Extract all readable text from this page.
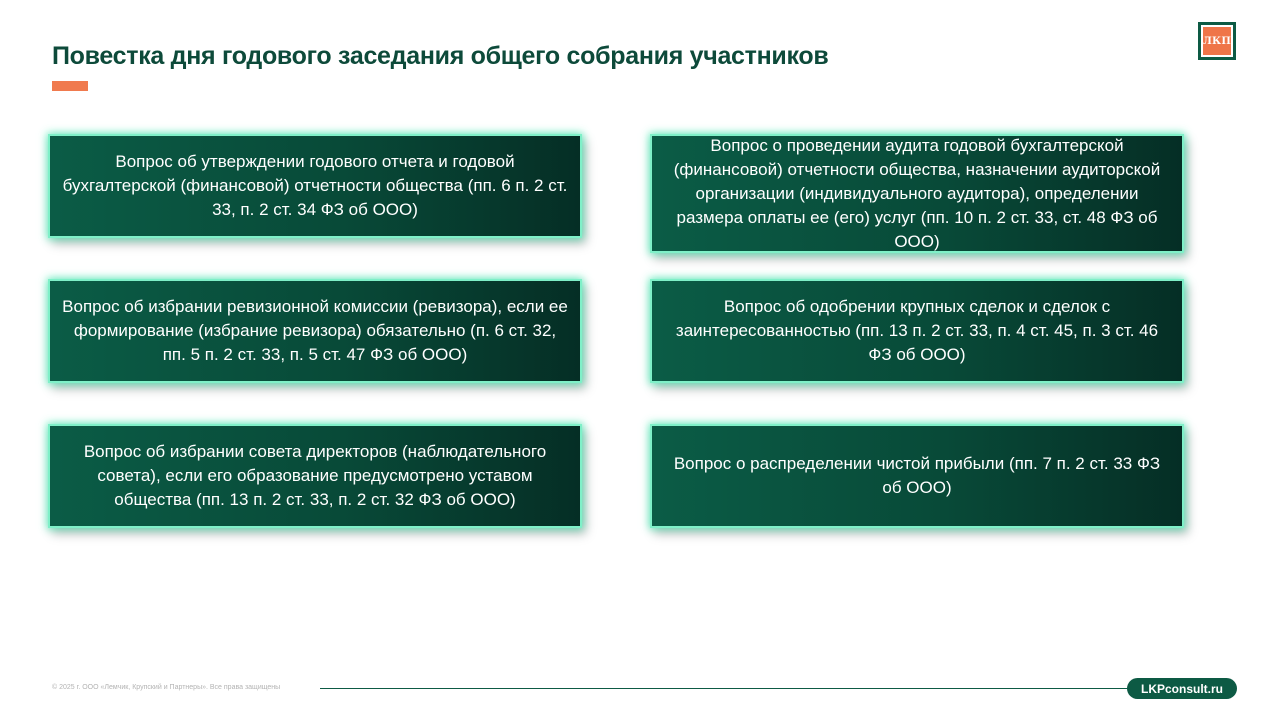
Повестка дня годового заседания общего собрания участников
ЛКП
Вопрос об утверждении годового отчета и годовой бухгалтерской (финансовой) отчетности общества (пп. 6 п. 2 ст. 33, п. 2 ст. 34 ФЗ об ООО)
Вопрос о проведении аудита годовой бухгалтерской (финансовой) отчетности общества, назначении аудиторской организации (индивидуального аудитора), определении размера оплаты ее (его) услуг (пп. 10 п. 2 ст. 33, ст. 48 ФЗ об ООО)
Вопрос об избрании ревизионной комиссии (ревизора), если ее формирование (избрание ревизора) обязательно (п. 6 ст. 32, пп. 5 п. 2 ст. 33, п. 5 ст. 47 ФЗ об ООО)
Вопрос об одобрении крупных сделок и сделок с заинтересованностью (пп. 13 п. 2 ст. 33, п. 4 ст. 45, п. 3 ст. 46 ФЗ об ООО)
Вопрос об избрании совета директоров (наблюдательного совета), если его образование предусмотрено уставом общества (пп. 13 п. 2 ст. 33, п. 2 ст. 32 ФЗ об ООО)
Вопрос о распределении чистой прибыли (пп. 7 п. 2 ст. 33 ФЗ об ООО)
© 2025 г. ООО «Лемчик, Крупский и Партнеры». Все права защищены	LKPconsult.ru
